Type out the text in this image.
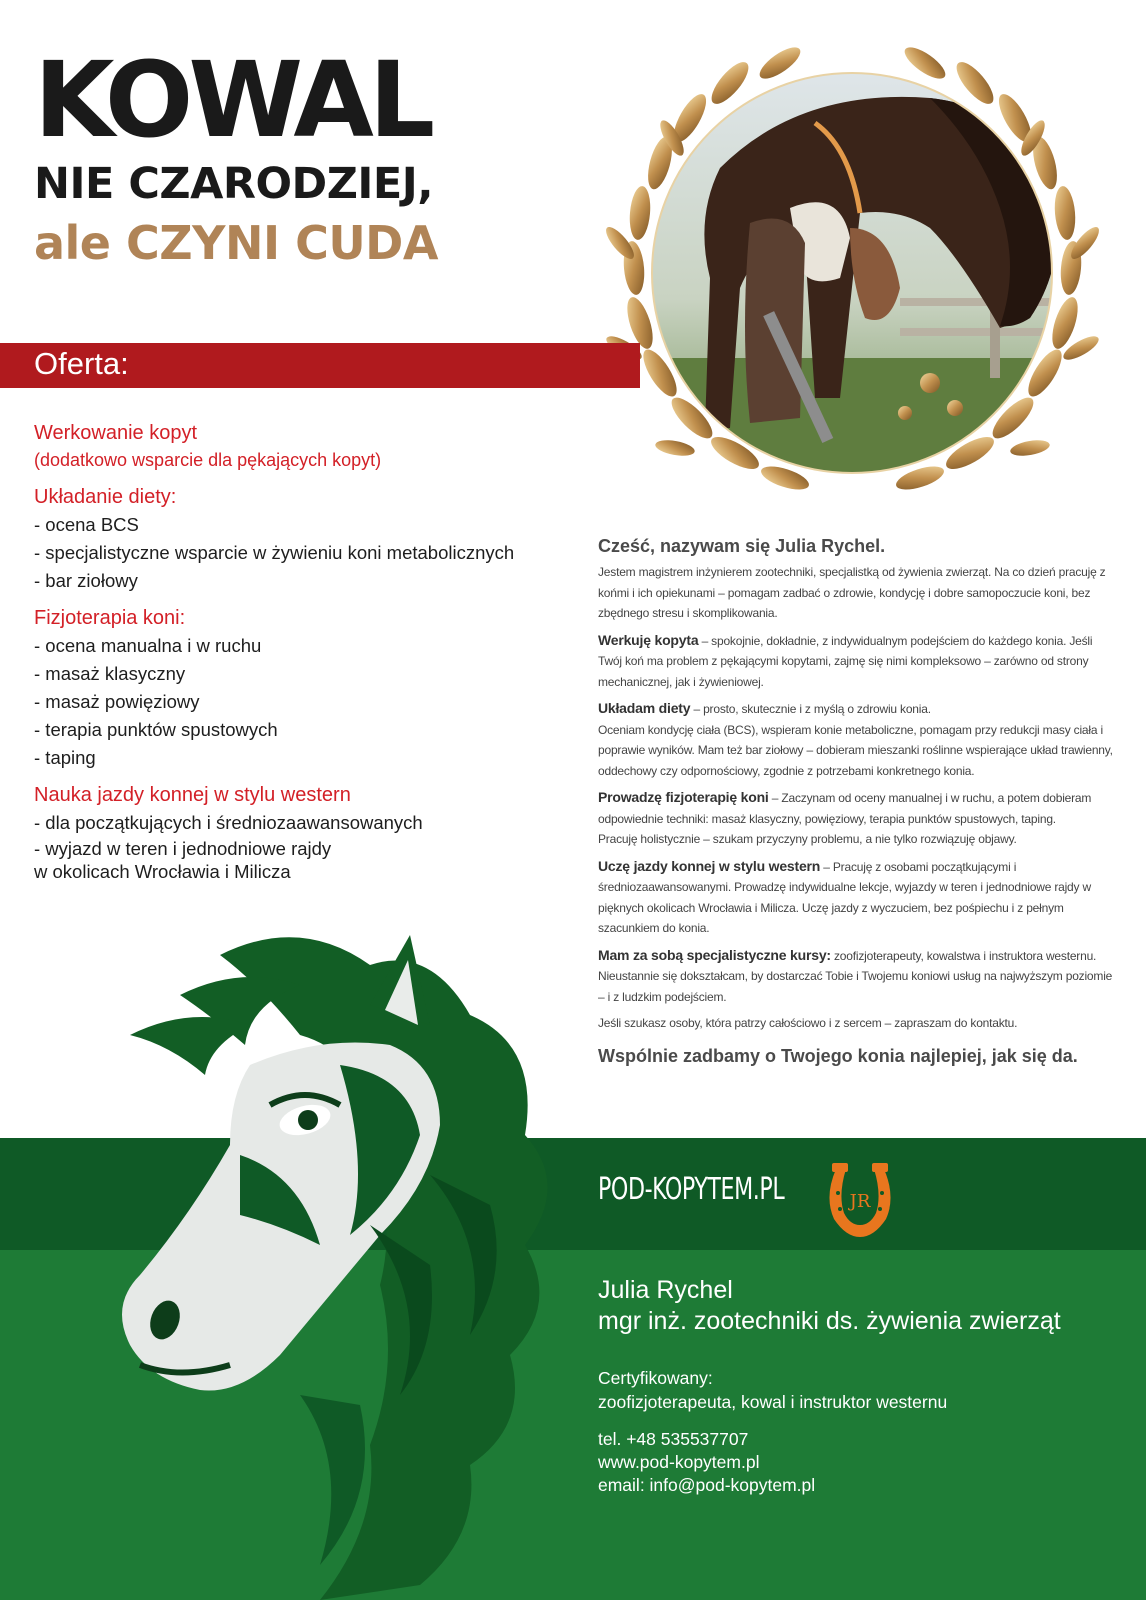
KOWAL
NIE CZARODZIEJ,
ale CZYNI CUDA
Oferta:
Werkowanie kopyt
(dodatkowo wsparcie dla pękających kopyt)
Układanie diety:
- ocena BCS
- specjalistyczne wsparcie w żywieniu koni metabolicznych
- bar ziołowy
Fizjoterapia koni:
- ocena manualna i w ruchu
- masaż klasyczny
- masaż powięziowy
- terapia punktów spustowych
- taping
Nauka jazdy konnej w stylu western
- dla początkujących i średniozaawansowanych
- wyjazd w teren i jednodniowe rajdy
w okolicach Wrocławia i Milicza
Cześć, nazywam się Julia Rychel.

Jestem magistrem inżynierem zootechniki, specjalistką od żywienia zwierząt. Na co dzień pracuję z końmi i ich opiekunami – pomagam zadbać o zdrowie, kondycję i dobre samopoczucie koni, bez zbędnego stresu i skomplikowania.

Werkuję kopyta – spokojnie, dokładnie, z indywidualnym podejściem do każdego konia. Jeśli Twój koń ma problem z pękającymi kopytami, zajmę się nimi kompleksowo – zarówno od strony mechanicznej, jak i żywieniowej.

Układam diety – prosto, skutecznie i z myślą o zdrowiu konia.
Oceniam kondycję ciała (BCS), wspieram konie metaboliczne, pomagam przy redukcji masy ciała i poprawie wyników. Mam też bar ziołowy – dobieram mieszanki roślinne wspierające układ trawienny, oddechowy czy odpornościowy, zgodnie z potrzebami konkretnego konia.

Prowadzę fizjoterapię koni – Zaczynam od oceny manualnej i w ruchu, a potem dobieram odpowiednie techniki: masaż klasyczny, powięziowy, terapia punktów spustowych, taping.
Pracuję holistycznie – szukam przyczyny problemu, a nie tylko rozwiązuję objawy.

Uczę jazdy konnej w stylu western – Pracuję z osobami początkującymi i średniozaawansowanymi. Prowadzę indywidualne lekcje, wyjazdy w teren i jednodniowe rajdy w pięknych okolicach Wrocławia i Milicza. Uczę jazdy z wyczuciem, bez pośpiechu i z pełnym szacunkiem do konia.

Mam za sobą specjalistyczne kursy: zoofizjoterapeuty, kowalstwa i instruktora westernu. Nieustannie się dokształcam, by dostarczać Tobie i Twojemu koniowi usług na najwyższym poziomie – i z ludzkim podejściem.

Jeśli szukasz osoby, która patrzy całościowo i z sercem – zapraszam do kontaktu.

Wspólnie zadbamy o Twojego konia najlepiej, jak się da.
POD-KOPYTEM.PL	JR
Julia Rychel
mgr inż. zootechniki ds. żywienia zwierząt
Certyfikowany:
zoofizjoterapeuta, kowal i instruktor westernu
tel. +48 535537707
www.pod-kopytem.pl
email: info@pod-kopytem.pl
